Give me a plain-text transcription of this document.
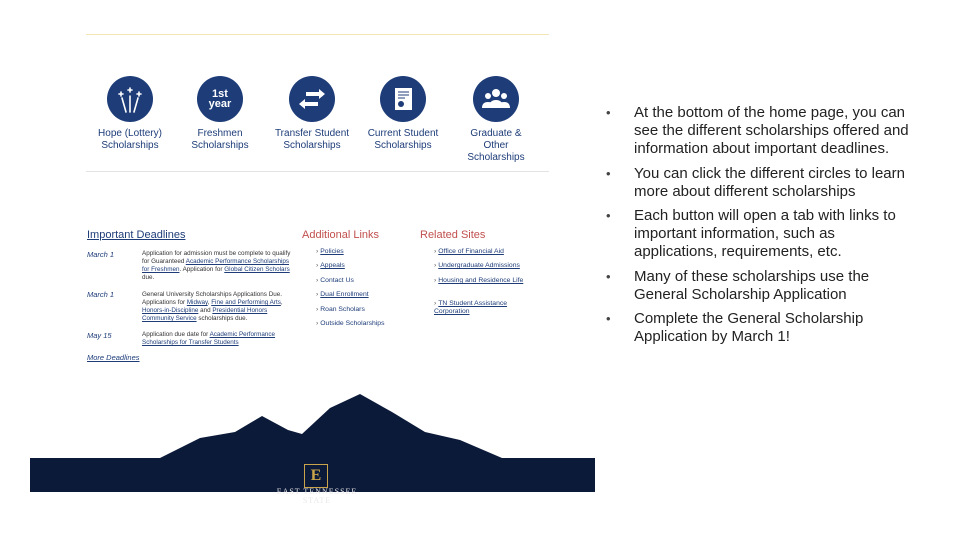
Hope (Lottery)
Scholarships
1st year
Freshmen
Scholarships
Transfer Student
Scholarships
Current Student
Scholarships
Graduate &
Other
Scholarships
Important Deadlines
March 1	Application for admission must be complete to qualify for Guaranteed Academic Performance Scholarships for Freshmen. Application for Global Citizen Scholars due.
March 1	General University Scholarships Applications Due. Applications for Midway, Fine and Performing Arts, Honors-in-Discipline and Presidential Honors Community Service scholarships due.
May 15	Application due date for Academic Performance Scholarships for Transfer Students
More Deadlines
Additional Links
› Policies
› Appeals
› Contact Us
› Dual Enrollment
› Roan Scholars
› Outside Scholarships
Related Sites
› Office of Financial Aid
› Undergraduate Admissions
› Housing and Residence Life
› TN Student Assistance Corporation
E
EAST TENNESSEE STATE
• At the bottom of the home page, you can see the different scholarships offered and information about important deadlines.
• You can click the different circles to learn more about different scholarships
• Each button will open a tab with links to important information, such as applications, requirements, etc.
• Many of these scholarships use the General Scholarship Application
• Complete the General Scholarship Application by March 1!
